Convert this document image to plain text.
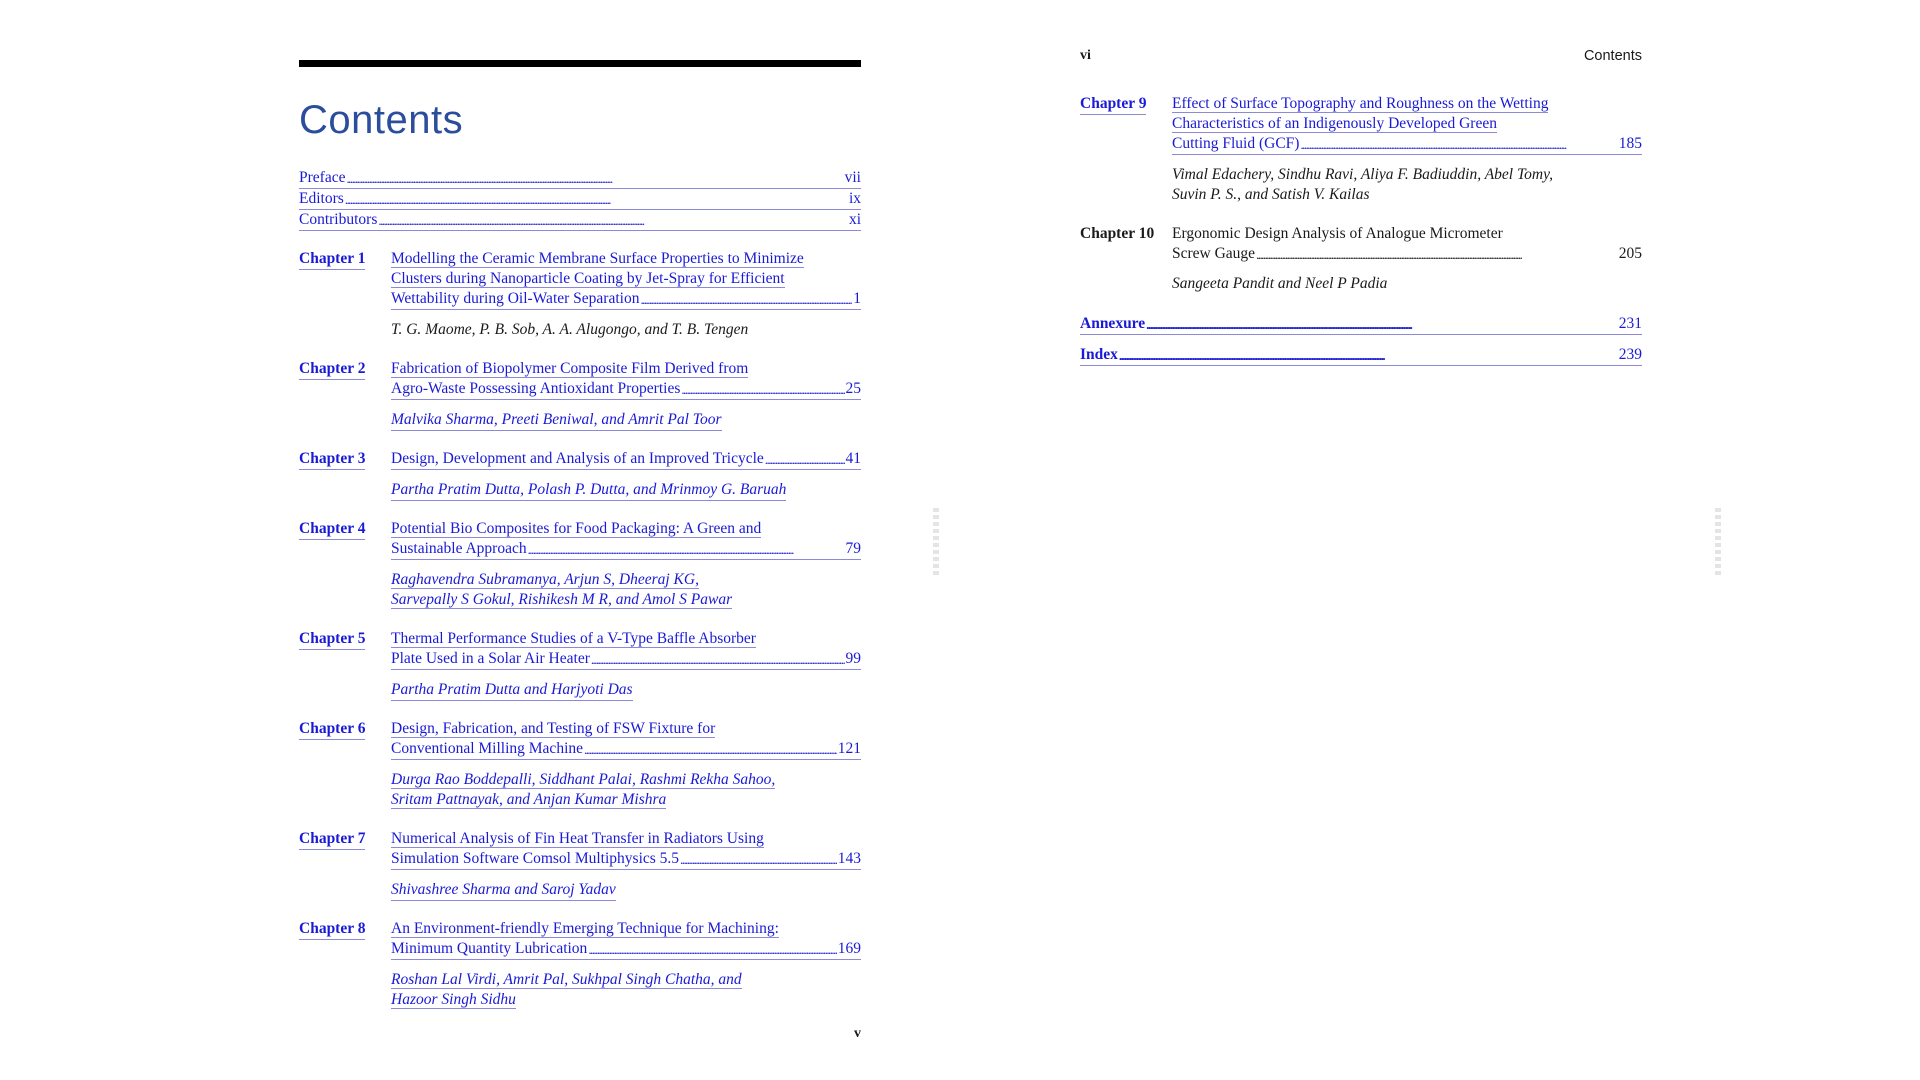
Contents
Preface . . .	vii
Editors . . .	ix
Contributors . . .	xi
Chapter 1 Modelling the Ceramic Membrane Surface Properties to Minimize
Clusters during Nanoparticle Coating by Jet-Spray for Efficient
Wettability during Oil-Water Separation . . .	1
T. G. Maome, P. B. Sob, A. A. Alugongo, and T. B. Tengen
Chapter 2 Fabrication of Biopolymer Composite Film Derived from
Agro-Waste Possessing Antioxidant Properties . . .	25
Malvika Sharma, Preeti Beniwal, and Amrit Pal Toor
Chapter 3 Design, Development and Analysis of an Improved Tricycle . . .	41
Partha Pratim Dutta, Polash P. Dutta, and Mrinmoy G. Baruah
Chapter 4 Potential Bio Composites for Food Packaging: A Green and
Sustainable Approach . . .	79
Raghavendra Subramanya, Arjun S, Dheeraj KG,
Sarvepally S Gokul, Rishikesh M R, and Amol S Pawar
Chapter 5 Thermal Performance Studies of a V-Type Baffle Absorber
Plate Used in a Solar Air Heater . . .	99
Partha Pratim Dutta and Harjyoti Das
Chapter 6 Design, Fabrication, and Testing of FSW Fixture for
Conventional Milling Machine . . .	121
Durga Rao Boddepalli, Siddhant Palai, Rashmi Rekha Sahoo,
Sritam Pattnayak, and Anjan Kumar Mishra
Chapter 7 Numerical Analysis of Fin Heat Transfer in Radiators Using
Simulation Software Comsol Multiphysics 5.5 . . .	143
Shivashree Sharma and Saroj Yadav
Chapter 8 An Environment-friendly Emerging Technique for Machining:
Minimum Quantity Lubrication . . .	169
Roshan Lal Virdi, Amrit Pal, Sukhpal Singh Chatha, and
Hazoor Singh Sidhu
v
vi	Contents
Chapter 9 Effect of Surface Topography and Roughness on the Wetting
Characteristics of an Indigenously Developed Green
Cutting Fluid (GCF) . . .	185
Vimal Edachery, Sindhu Ravi, Aliya F. Badiuddin, Abel Tomy,
Suvin P. S., and Satish V. Kailas
Chapter 10 Ergonomic Design Analysis of Analogue Micrometer
Screw Gauge . . .	205
Sangeeta Pandit and Neel P Padia
Annexure . . .	231
Index . . .	239
